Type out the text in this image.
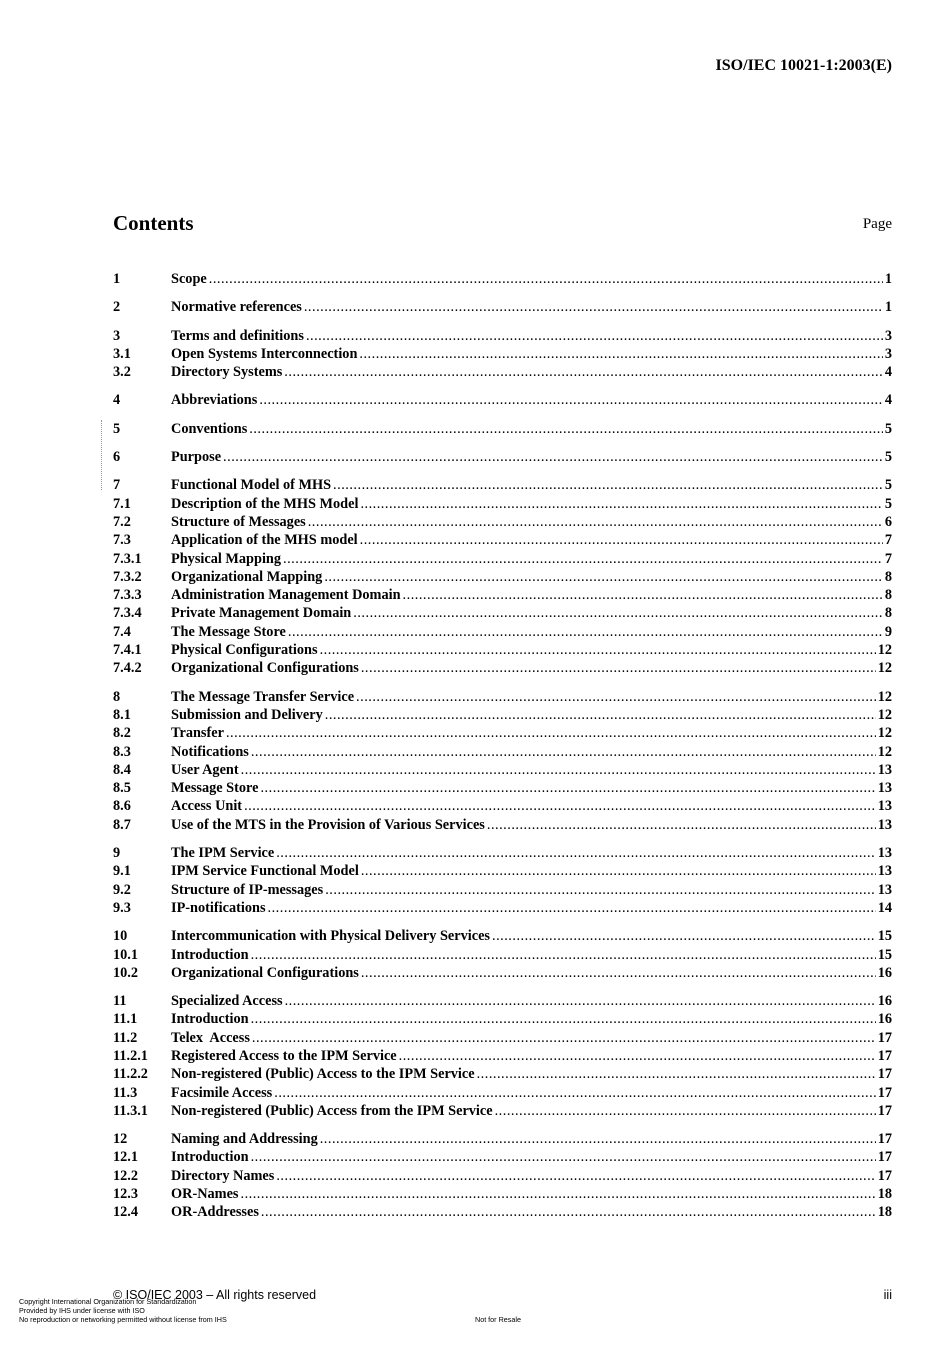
ISO/IEC 10021-1:2003(E)
Contents	Page
1	Scope .....	1
2	Normative references .....	1
3	Terms and definitions .....	3
3.1	Open Systems Interconnection .....	3
3.2	Directory Systems .....	4
4	Abbreviations .....	4
5	Conventions .....	5
6	Purpose .....	5
7	Functional Model of MHS .....	5
7.1	Description of the MHS Model .....	5
7.2	Structure of Messages .....	6
7.3	Application of the MHS model .....	7
7.3.1	Physical Mapping .....	7
7.3.2	Organizational Mapping .....	8
7.3.3	Administration Management Domain .....	8
7.3.4	Private Management Domain .....	8
7.4	The Message Store .....	9
7.4.1	Physical Configurations .....	12
7.4.2	Organizational Configurations .....	12
8	The Message Transfer Service .....	12
8.1	Submission and Delivery .....	12
8.2	Transfer .....	12
8.3	Notifications .....	12
8.4	User Agent .....	13
8.5	Message Store .....	13
8.6	Access Unit .....	13
8.7	Use of the MTS in the Provision of Various Services .....	13
9	The IPM Service .....	13
9.1	IPM Service Functional Model .....	13
9.2	Structure of IP-messages .....	13
9.3	IP-notifications .....	14
10	Intercommunication with Physical Delivery Services .....	15
10.1	Introduction .....	15
10.2	Organizational Configurations .....	16
11	Specialized Access .....	16
11.1	Introduction .....	16
11.2	Telex  Access .....	17
11.2.1	Registered Access to the IPM Service .....	17
11.2.2	Non-registered (Public) Access to the IPM Service .....	17
11.3	Facsimile Access .....	17
11.3.1	Non-registered (Public) Access from the IPM Service .....	17
12	Naming and Addressing .....	17
12.1	Introduction .....	17
12.2	Directory Names .....	17
12.3	OR-Names .....	18
12.4	OR-Addresses .....	18
© ISO/IEC 2003 – All rights reserved	iii
Copyright International Organization for Standardization
Provided by IHS under license with ISO
No reproduction or networking permitted without license from IHS	Not for Resale
